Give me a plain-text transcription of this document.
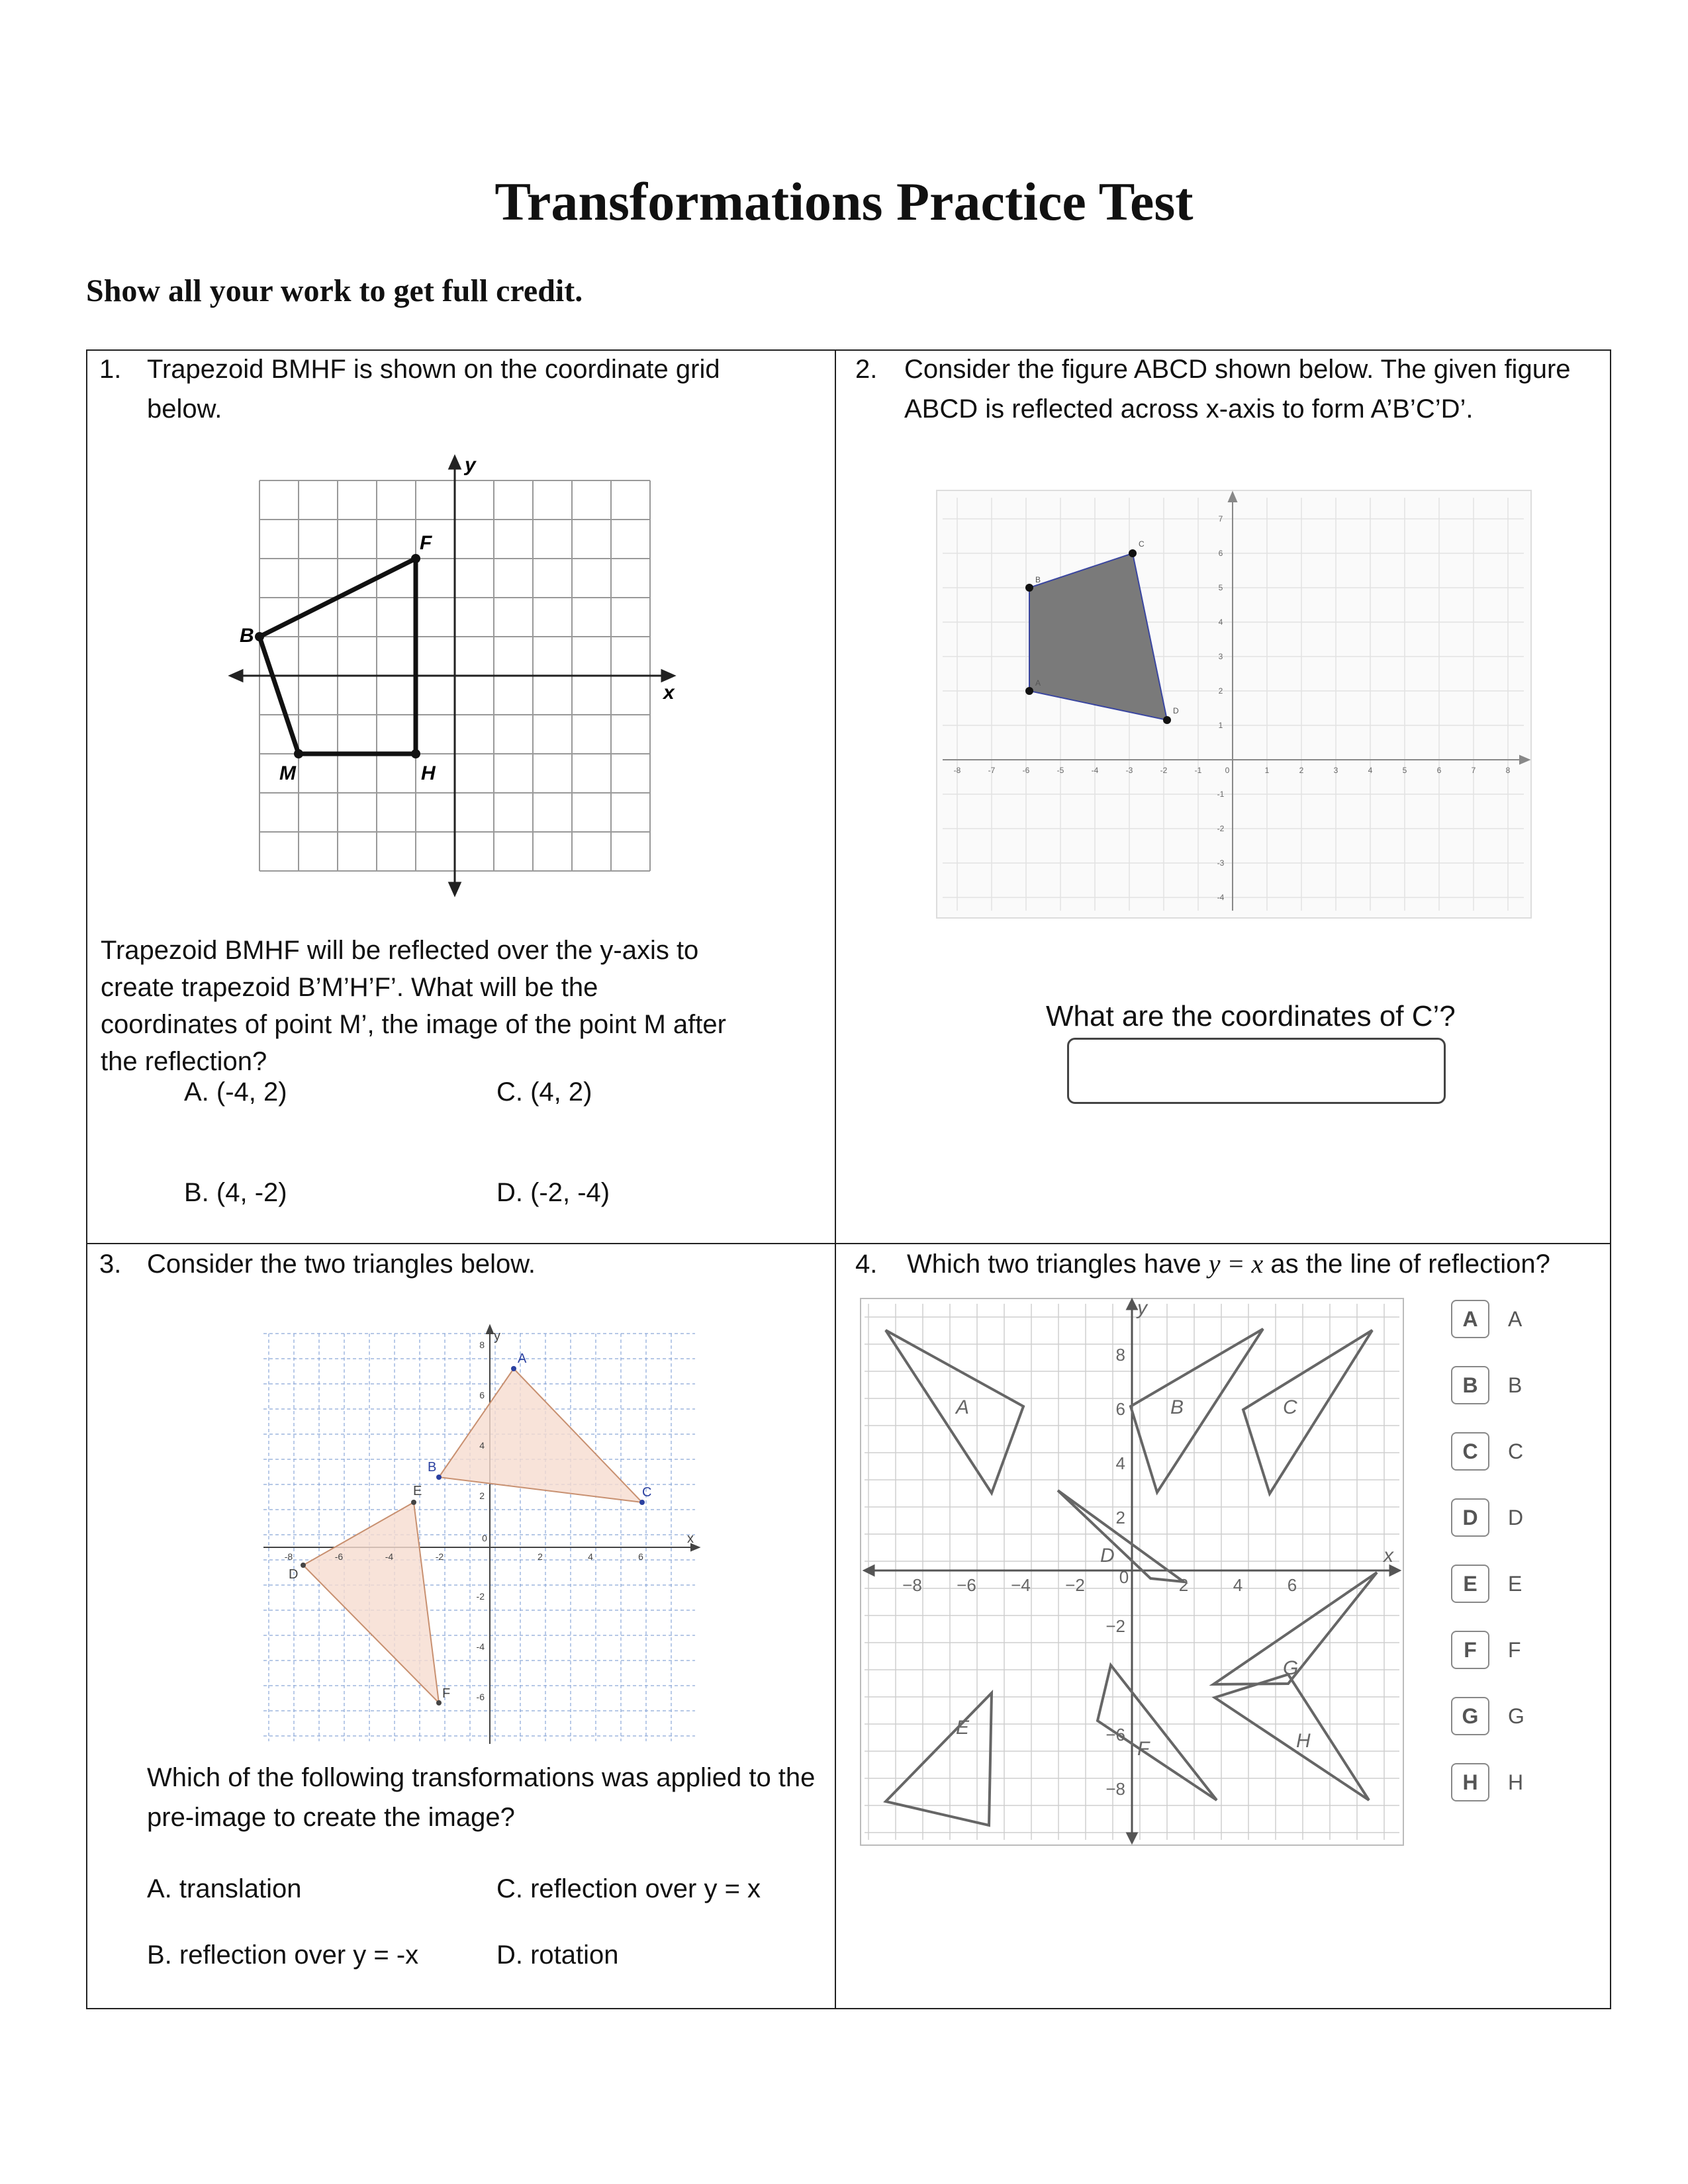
Transformations Practice Test
Show all your work to get full credit.
1. Trapezoid BMHF is shown on the coordinate grid below.
y
x
B
F
M	H
Trapezoid BMHF will be reflected over the y-axis to create trapezoid B’M’H’F’. What will be the coordinates of point M’, the image of the point M after the reflection?
A. (-4, 2)	C. (4, 2)
B. (4, -2)	D. (-2, -4)
2. Consider the figure ABCD shown below. The given figure ABCD is reflected across x-axis to form A’B’C’D’.
A
B
C
D
-8	-7	-6	-5	-4	-3	-2	-1	0	1	2	3	4	5	6	7	8
7
6
5
4
3
2
1
-1
-2
-3
-4
What are the coordinates of C’?
3. Consider the two triangles below.
A
B
C
D
E
F
x
y
-8	-6	-4	-2
0
2	4	6
8
6
4
2
-2
-4
-6
Which of the following transformations was applied to the pre-image to create the image?
A. translation	C. reflection over y = x
B. reflection over y = -x	D. rotation
4. Which two triangles have y = x as the line of reflection?
A	B	C
D
E
F
G
H
y
x
−8 −6 −4 −2	2	4	6
0
8
6
4
2
−2
−6
−8
A	A
B	B
C	C
D	D
E	E
F	F
G	G
H	H
